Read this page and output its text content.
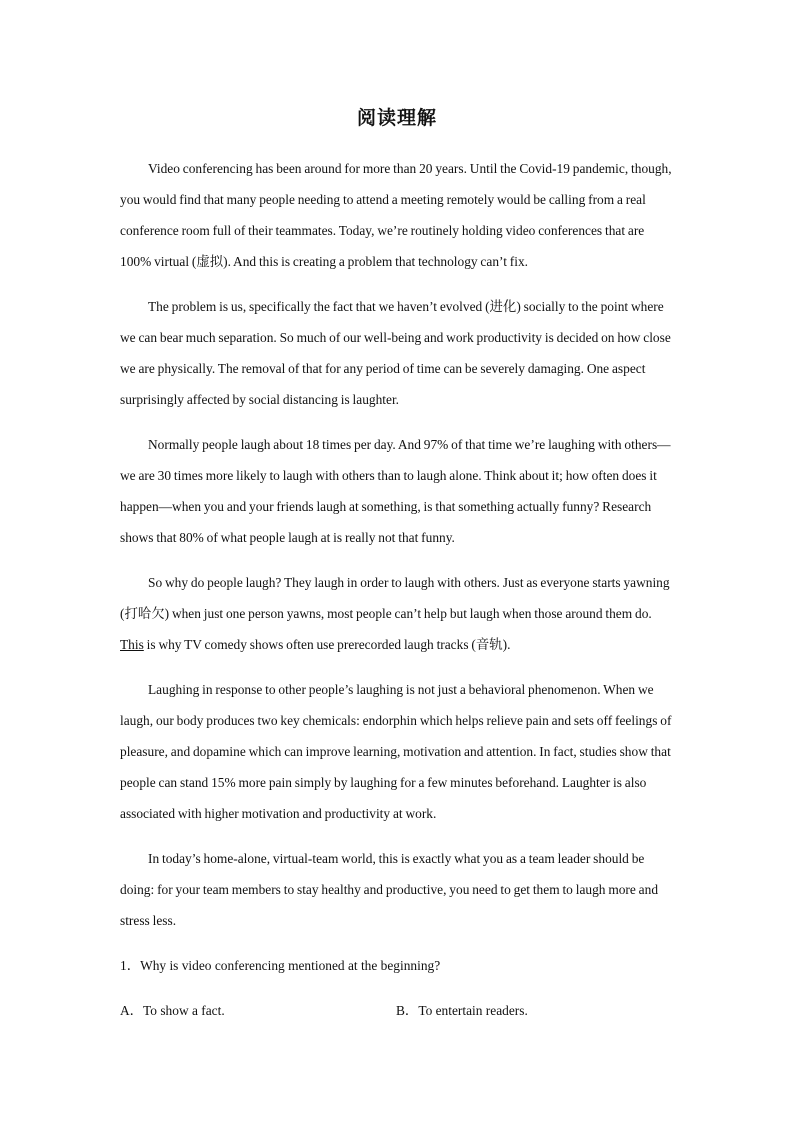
阅读理解
Video conferencing has been around for more than 20 years. Until the Covid-19 pandemic, though, you would find that many people needing to attend a meeting remotely would be calling from a real conference room full of their teammates. Today, we’re routinely holding video conferences that are 100% virtual (虚拟). And this is creating a problem that technology can’t fix.
The problem is us, specifically the fact that we haven’t evolved (进化) socially to the point where we can bear much separation. So much of our well-being and work productivity is decided on how close we are physically. The removal of that for any period of time can be severely damaging. One aspect surprisingly affected by social distancing is laughter.
Normally people laugh about 18 times per day. And 97% of that time we’re laughing with others—we are 30 times more likely to laugh with others than to laugh alone. Think about it; how often does it happen—when you and your friends laugh at something, is that something actually funny? Research shows that 80% of what people laugh at is really not that funny.
So why do people laugh? They laugh in order to laugh with others. Just as everyone starts yawning (打哈欠) when just one person yawns, most people can’t help but laugh when those around them do. This is why TV comedy shows often use prerecorded laugh tracks (音轨).
Laughing in response to other people’s laughing is not just a behavioral phenomenon. When we laugh, our body produces two key chemicals: endorphin which helps relieve pain and sets off feelings of pleasure, and dopamine which can improve learning, motivation and attention. In fact, studies show that people can stand 15% more pain simply by laughing for a few minutes beforehand. Laughter is also associated with higher motivation and productivity at work.
In today’s home-alone, virtual-team world, this is exactly what you as a team leader should be doing: for your team members to stay healthy and productive, you need to get them to laugh more and stress less.
1．Why is video conferencing mentioned at the beginning?
A．To show a fact.	B．To entertain readers.
